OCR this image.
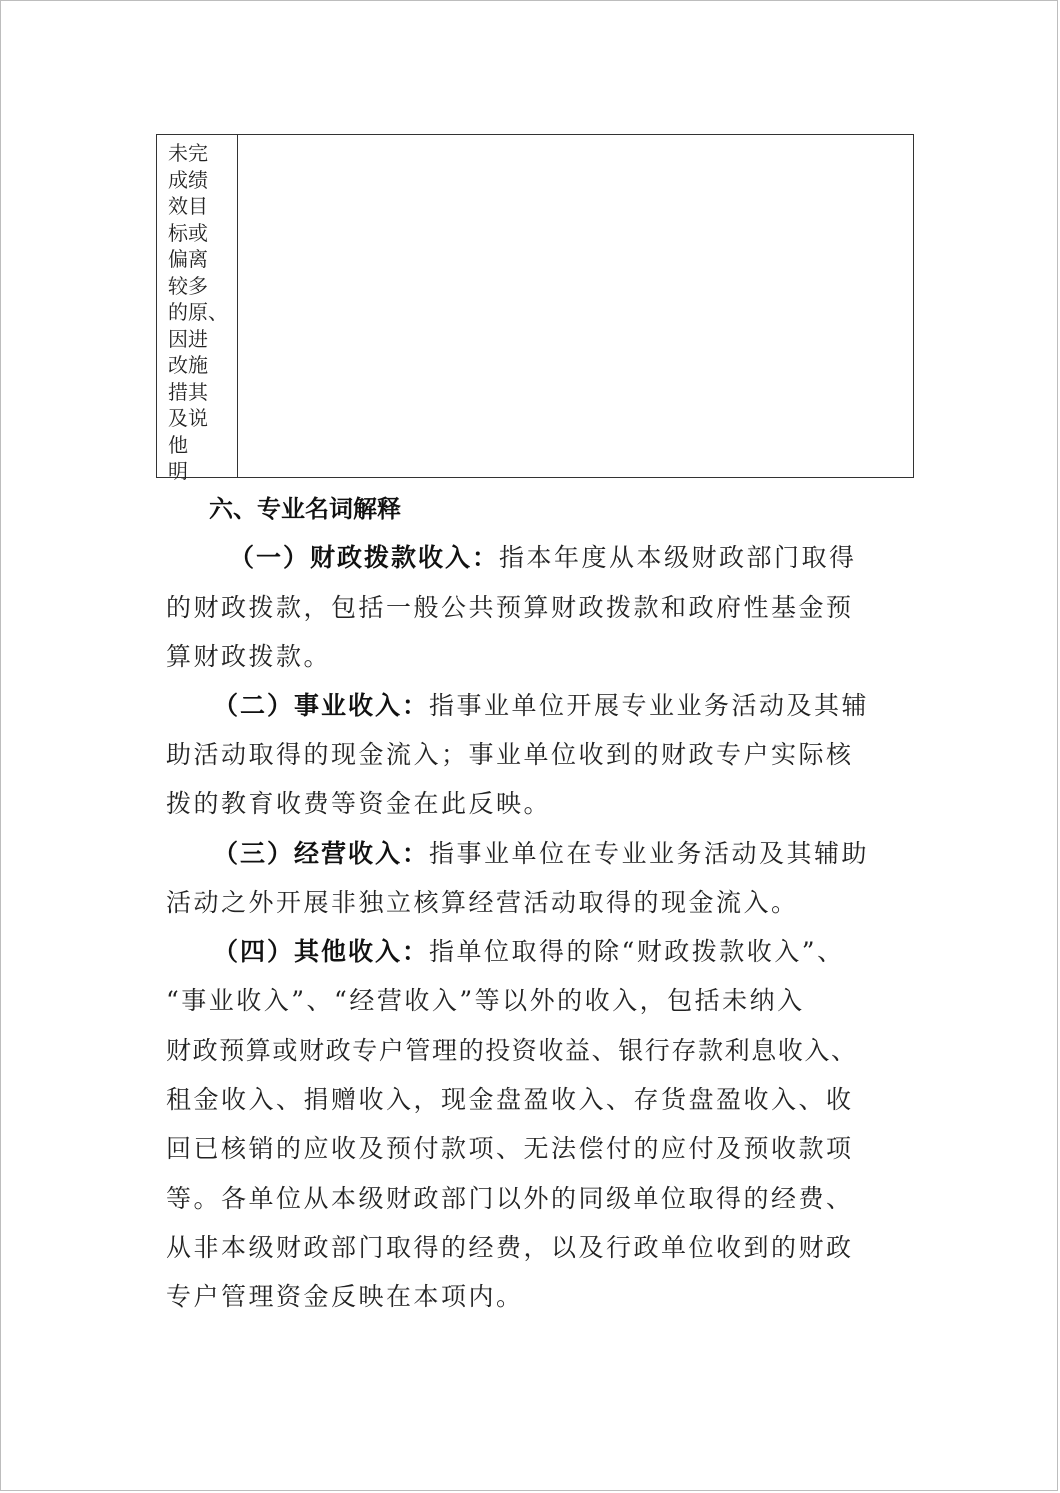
未成效标偏较的因改措及他明
完绩目或离多原、进施其说
六、专业名词解释
（一）财政拨款收入：指本年度从本级财政部门取得
的财政拨款，包括一般公共预算财政拨款和政府性基金预
算财政拨款。
（二）事业收入：指事业单位开展专业业务活动及其辅
助活动取得的现金流入；事业单位收到的财政专户实际核
拨的教育收费等资金在此反映。
（三）经营收入：指事业单位在专业业务活动及其辅助
活动之外开展非独立核算经营活动取得的现金流入。
（四）其他收入：指单位取得的除“财政拨款收入”、
“事业收入”、“经营收入”等以外的收入，包括未纳入
财政预算或财政专户管理的投资收益、银行存款利息收入、
租金收入、捐赠收入，现金盘盈收入、存货盘盈收入、收
回已核销的应收及预付款项、无法偿付的应付及预收款项
等。各单位从本级财政部门以外的同级单位取得的经费、
从非本级财政部门取得的经费，以及行政单位收到的财政
专户管理资金反映在本项内。
